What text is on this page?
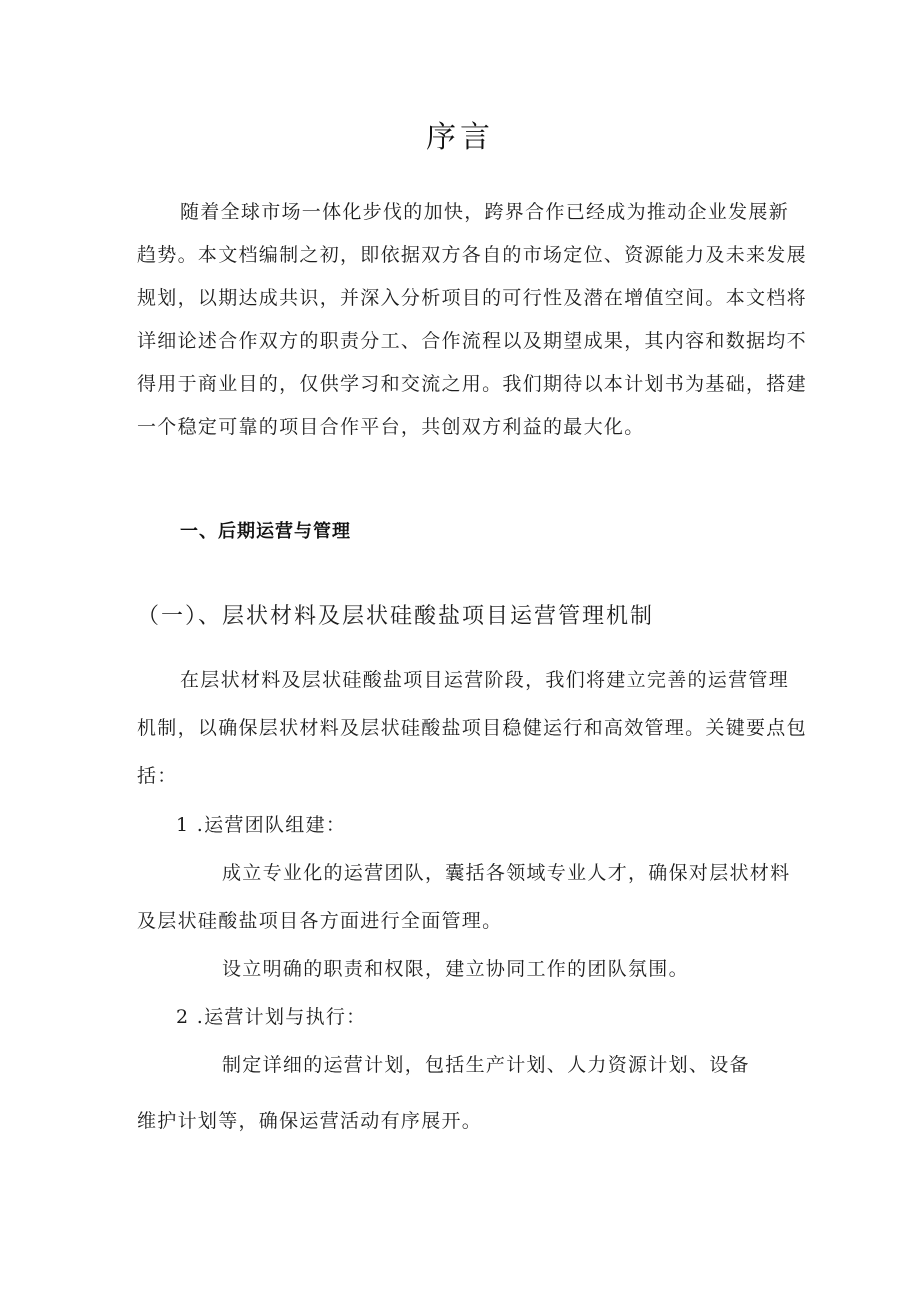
序言
随着全球市场一体化步伐的加快，跨界合作已经成为推动企业发展新
趋势。本文档编制之初，即依据双方各自的市场定位、资源能力及未来发展
规划，以期达成共识，并深入分析项目的可行性及潜在增值空间。本文档将
详细论述合作双方的职责分工、合作流程以及期望成果，其内容和数据均不
得用于商业目的，仅供学习和交流之用。我们期待以本计划书为基础，搭建
一个稳定可靠的项目合作平台，共创双方利益的最大化。
一、后期运营与管理
（一）、层状材料及层状硅酸盐项目运营管理机制
在层状材料及层状硅酸盐项目运营阶段，我们将建立完善的运营管理
机制，以确保层状材料及层状硅酸盐项目稳健运行和高效管理。关键要点包
括：
1 .运营团队组建：
成立专业化的运营团队，囊括各领域专业人才，确保对层状材料
及层状硅酸盐项目各方面进行全面管理。
设立明确的职责和权限，建立协同工作的团队氛围。
2 .运营计划与执行：
制定详细的运营计划，包括生产计划、人力资源计划、设备
维护计划等，确保运营活动有序展开。
